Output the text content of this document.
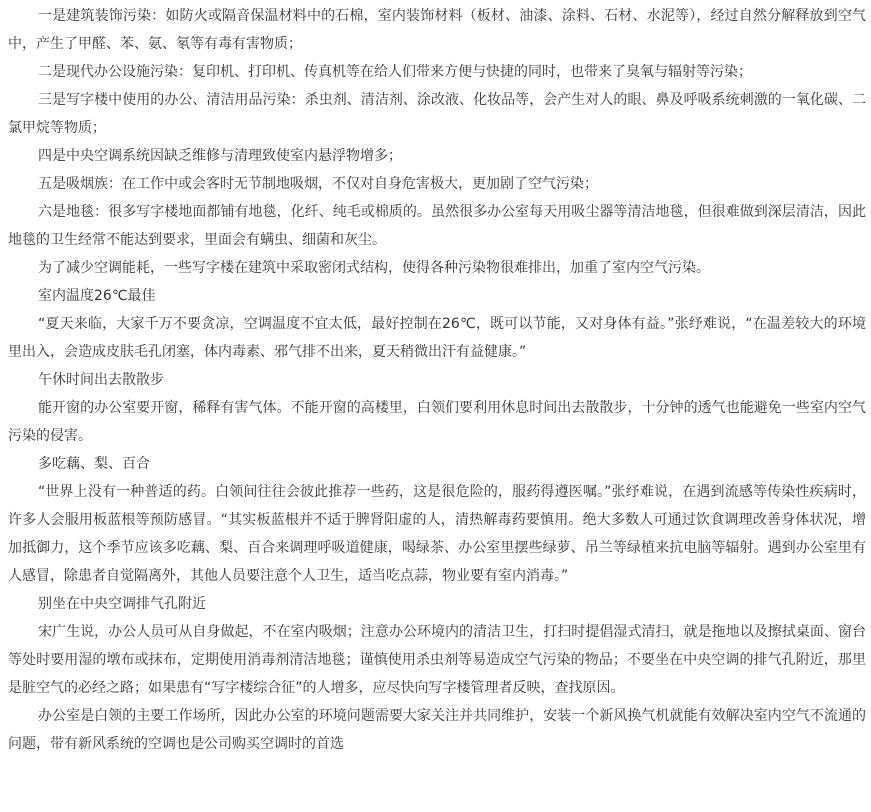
一是建筑装饰污染：如防火或隔音保温材料中的石棉，室内装饰材料（板材、油漆、涂料、石材、水泥等），经过自然分解释放到空气中，产生了甲醛、苯、氨、氡等有毒有害物质；

二是现代办公设施污染：复印机、打印机、传真机等在给人们带来方便与快捷的同时，也带来了臭氧与辐射等污染；

三是写字楼中使用的办公、清洁用品污染：杀虫剂、清洁剂、涂改液、化妆品等，会产生对人的眼、鼻及呼吸系统刺激的一氧化碳、二氯甲烷等物质；

四是中央空调系统因缺乏维修与清理致使室内悬浮物增多；

五是吸烟族：在工作中或会客时无节制地吸烟，不仅对自身危害极大，更加剧了空气污染；

六是地毯：很多写字楼地面都铺有地毯，化纤、纯毛或棉质的。虽然很多办公室每天用吸尘器等清洁地毯，但很难做到深层清洁，因此地毯的卫生经常不能达到要求，里面会有螨虫、细菌和灰尘。

为了减少空调能耗，一些写字楼在建筑中采取密闭式结构，使得各种污染物很难排出，加重了室内空气污染。

室内温度26℃最佳

“夏天来临，大家千万不要贪凉，空调温度不宜太低，最好控制在26℃，既可以节能，又对身体有益。”张纾难说，“在温差较大的环境里出入，会造成皮肤毛孔闭塞，体内毒素、邪气排不出来，夏天稍微出汗有益健康。”

午休时间出去散散步

能开窗的办公室要开窗，稀释有害气体。不能开窗的高楼里，白领们要利用休息时间出去散散步，十分钟的透气也能避免一些室内空气污染的侵害。

多吃藕、梨、百合

“世界上没有一种普适的药。白领间往往会彼此推荐一些药，这是很危险的，服药得遵医嘱。”张纾难说，在遇到流感等传染性疾病时，许多人会服用板蓝根等预防感冒。“其实板蓝根并不适于脾肾阳虚的人，清热解毒药要慎用。绝大多数人可通过饮食调理改善身体状况，增加抵御力，这个季节应该多吃藕、梨、百合来调理呼吸道健康，喝绿茶、办公室里摆些绿萝、吊兰等绿植来抗电脑等辐射。遇到办公室里有人感冒，除患者自觉隔离外，其他人员要注意个人卫生，适当吃点蒜，物业要有室内消毒。”

别坐在中央空调排气孔附近

宋广生说，办公人员可从自身做起，不在室内吸烟；注意办公环境内的清洁卫生，打扫时提倡湿式清扫，就是拖地以及擦拭桌面、窗台等处时要用湿的墩布或抹布，定期使用消毒剂清洁地毯；谨慎使用杀虫剂等易造成空气污染的物品；不要坐在中央空调的排气孔附近，那里是脏空气的必经之路；如果患有“写字楼综合征”的人增多，应尽快向写字楼管理者反映，查找原因。

办公室是白领的主要工作场所，因此办公室的环境问题需要大家关注并共同维护，安装一个新风换气机就能有效解决室内空气不流通的问题，带有新风系统的空调也是公司购买空调时的首选
